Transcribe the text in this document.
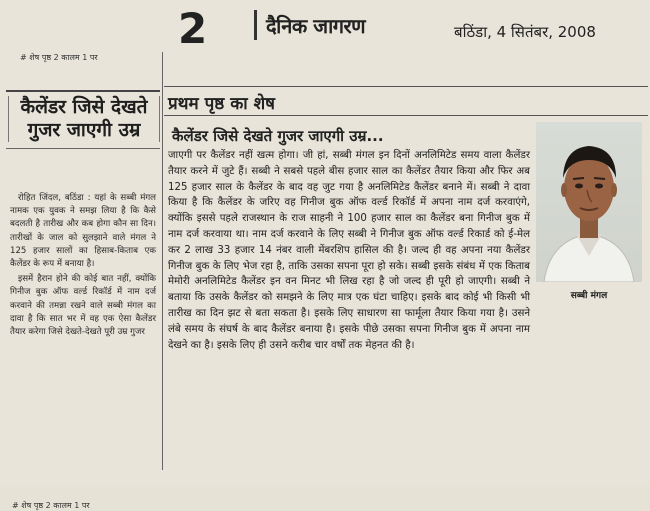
2	दैनिक जागरण	बठिंडा, 4 सितंबर, 2008
# शेष पृष्ठ 2 कालम 1 पर
कैलेंडर जिसे देखते गुजर जाएगी उम्र

रोहित जिंदल, बठिंडा : यहां के सब्बी मंगल नामक एक युवक ने समझ लिया है कि कैसे बदलती है तारीख और कब होगा कौन सा दिन। तारीखों के जाल को सुलझाने वाले मंगल ने 125 हजार सालों का हिसाब-किताब एक कैलेंडर के रूप में बनाया है।

इसमें हैरान होने की कोई बात नहीं, क्योंकि गिनीज बुक ऑफ वर्ल्ड रिकॉर्ड में नाम दर्ज करवाने की तमन्ना रखने वाले सब्बी मंगल का दावा है कि सात भर में वह एक ऐसा कैलेंडर तैयार करेगा जिसे देखते-देखते पूरी उम्र गुजर

# शेष पृष्ठ 2 कालम 1 पर
प्रथम पृष्ठ का शेष
कैलेंडर जिसे देखते गुजर जाएगी उम्र...
जाएगी पर कैलेंडर नहीं खत्म होगा। जी हां, सब्बी मंगल इन दिनों अनलिमिटेड समय वाला कैलेंडर तैयार करने में जुटे हैं। सब्बी ने सबसे पहले बीस हजार साल का कैलेंडर तैयार किया और फिर अब 125 हजार साल के कैलेंडर के बाद वह जुट गया है अनलिमिटेड कैलेंडर बनाने में। सब्बी ने दावा किया है कि कैलेंडर के जरिए वह गिनीज बुक ऑफ वर्ल्ड रिकॉर्ड में अपना नाम दर्ज करवाएंगे, क्योंकि इससे पहले राजस्थान के राज साहनी ने 100 हजार साल का कैलेंडर बना गिनीज बुक में नाम दर्ज करवाया था। नाम दर्ज करवाने के लिए सब्बी ने गिनीज बुक ऑफ वर्ल्ड रिकार्ड को ई-मेल कर 2 लाख 33 हजार 14 नंबर वाली मेंबरशिप हासिल की है। जल्द ही वह अपना नया कैलेंडर गिनीज बुक के लिए भेज रहा है, ताकि उसका सपना पूरा हो सके। सब्बी इसके संबंध में एक किताब मेमोरी अनलिमिटेड कैलेंडर इन वन मिनट भी लिख रहा है जो जल्द ही पूरी हो जाएगी। सब्बी ने बताया कि उसके कैलेंडर को समझने के लिए मात्र एक घंटा चाहिए। इसके बाद कोई भी किसी भी तारीख का दिन झट से बता सकता है। इसके लिए साधारण सा फार्मूला तैयार किया गया है। उसने लंबे समय के संघर्ष के बाद कैलेंडर बनाया है। इसके पीछे उसका सपना गिनीज बुक में अपना नाम देखने का है। इसके लिए ही उसने करीब चार वर्षों तक मेहनत की है।
सब्बी मंगल
